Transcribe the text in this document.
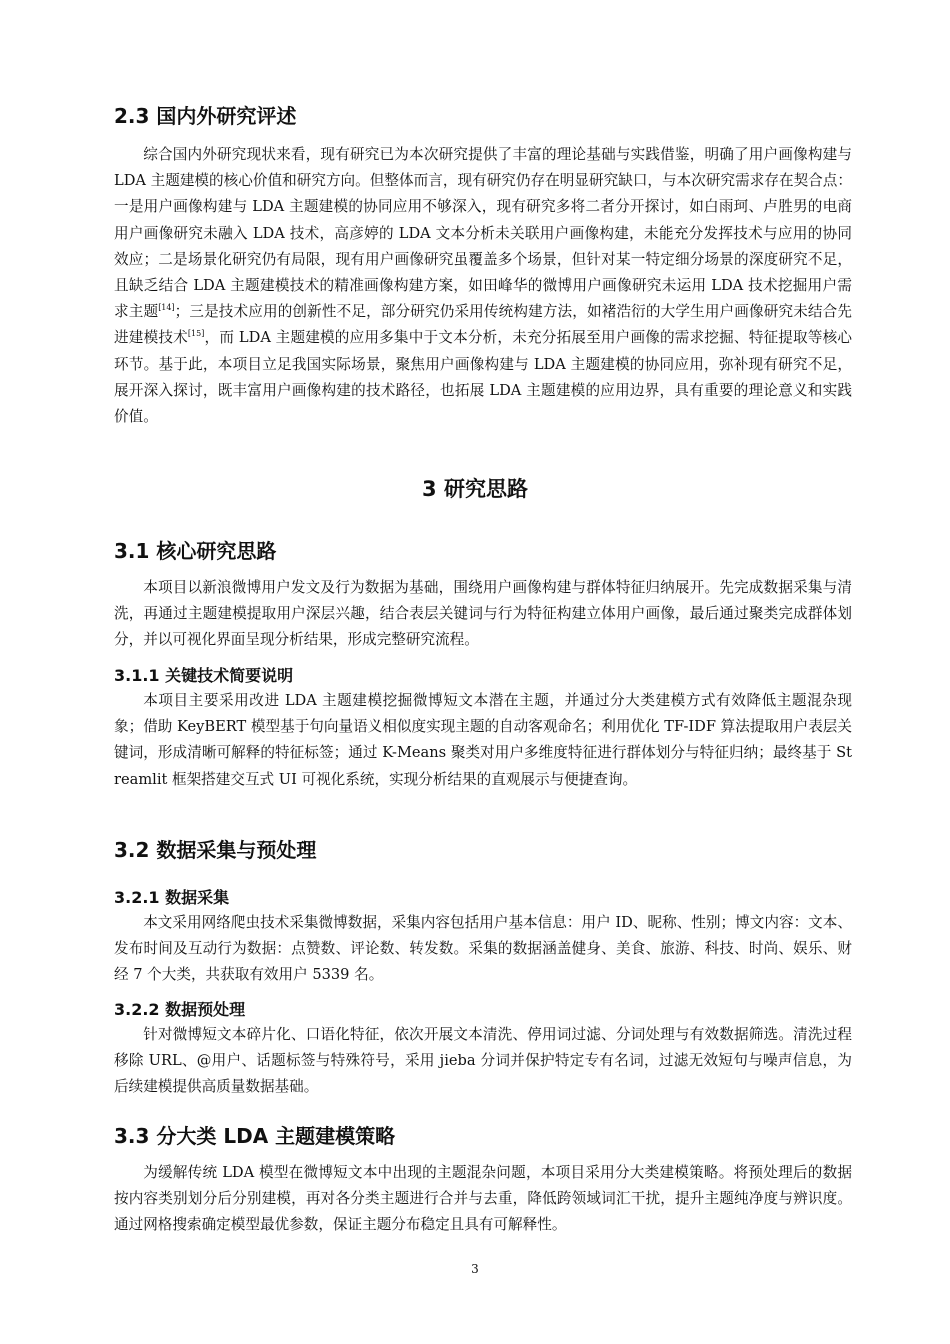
2.3 国内外研究评述

综合国内外研究现状来看，现有研究已为本次研究提供了丰富的理论基础与实践借鉴，明确了用户画像构建与 LDA 主题建模的核心价值和研究方向。但整体而言，现有研究仍存在明显研究缺口，与本次研究需求存在契合点：一是用户画像构建与 LDA 主题建模的协同应用不够深入，现有研究多将二者分开探讨，如白雨珂、卢胜男的电商用户画像研究未融入 LDA 技术，高彦婷的 LDA 文本分析未关联用户画像构建，未能充分发挥技术与应用的协同效应；二是场景化研究仍有局限，现有用户画像研究虽覆盖多个场景，但针对某一特定细分场景的深度研究不足，且缺乏结合 LDA 主题建模技术的精准画像构建方案，如田峰华的微博用户画像研究未运用 LDA 技术挖掘用户需求主题[14]；三是技术应用的创新性不足，部分研究仍采用传统构建方法，如褚浩衍的大学生用户画像研究未结合先进建模技术[15]，而 LDA 主题建模的应用多集中于文本分析，未充分拓展至用户画像的需求挖掘、特征提取等核心环节。基于此，本项目立足我国实际场景，聚焦用户画像构建与 LDA 主题建模的协同应用，弥补现有研究不足，展开深入探讨，既丰富用户画像构建的技术路径，也拓展 LDA 主题建模的应用边界，具有重要的理论意义和实践价值。

3 研究思路
3.1 核心研究思路

本项目以新浪微博用户发文及行为数据为基础，围绕用户画像构建与群体特征归纳展开。先完成数据采集与清洗，再通过主题建模提取用户深层兴趣，结合表层关键词与行为特征构建立体用户画像，最后通过聚类完成群体划分，并以可视化界面呈现分析结果，形成完整研究流程。

3.1.1 关键技术简要说明

本项目主要采用改进 LDA 主题建模挖掘微博短文本潜在主题，并通过分大类建模方式有效降低主题混杂现象；借助 KeyBERT 模型基于句向量语义相似度实现主题的自动客观命名；利用优化 TF-IDF 算法提取用户表层关键词，形成清晰可解释的特征标签；通过 K-Means 聚类对用户多维度特征进行群体划分与特征归纳；最终基于 Streamlit 框架搭建交互式 UI 可视化系统，实现分析结果的直观展示与便捷查询。

3.2 数据采集与预处理
3.2.1 数据采集

本文采用网络爬虫技术采集微博数据，采集内容包括用户基本信息：用户 ID、昵称、性别；博文内容：文本、发布时间及互动行为数据：点赞数、评论数、转发数。采集的数据涵盖健身、美食、旅游、科技、时尚、娱乐、财经 7 个大类，共获取有效用户 5339 名。

3.2.2 数据预处理

针对微博短文本碎片化、口语化特征，依次开展文本清洗、停用词过滤、分词处理与有效数据筛选。清洗过程移除 URL、@用户、话题标签与特殊符号，采用 jieba 分词并保护特定专有名词，过滤无效短句与噪声信息，为后续建模提供高质量数据基础。

3.3 分大类 LDA 主题建模策略

为缓解传统 LDA 模型在微博短文本中出现的主题混杂问题，本项目采用分大类建模策略。将预处理后的数据按内容类别划分后分别建模，再对各分类主题进行合并与去重，降低跨领域词汇干扰，提升主题纯净度与辨识度。通过网格搜索确定模型最优参数，保证主题分布稳定且具有可解释性。

3
